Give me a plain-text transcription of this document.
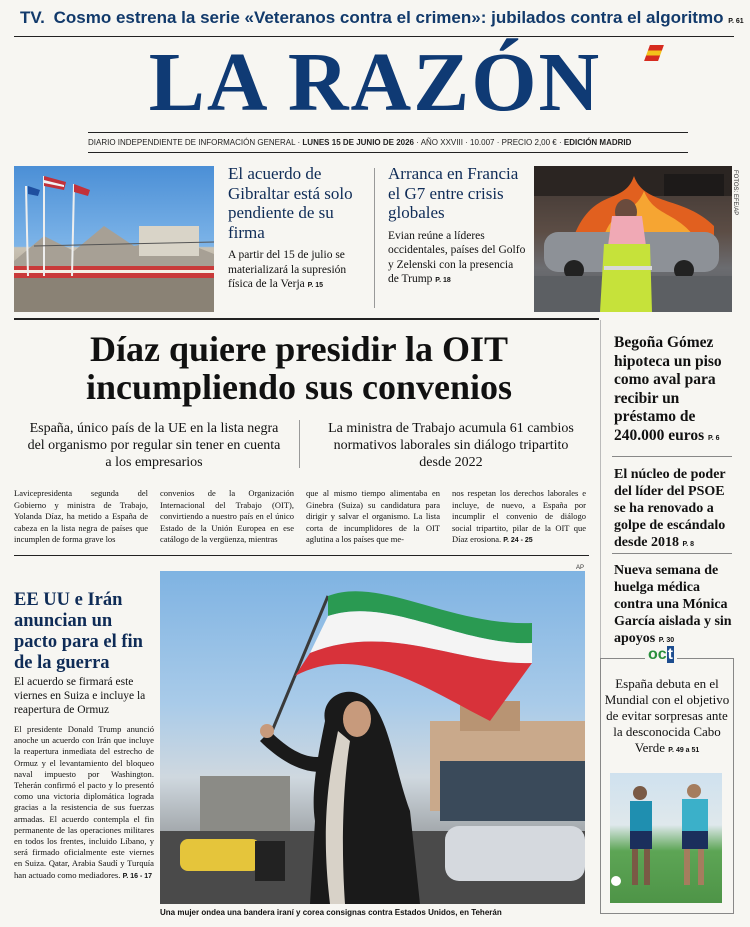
TV. Cosmo estrena la serie «Veteranos contra el crimen»: jubilados contra el algoritmo P. 61
LA RAZÓN
DIARIO INDEPENDIENTE DE INFORMACIÓN GENERAL · LUNES 15 DE JUNIO DE 2026 · AÑO XXVIII · 10.007 · PRECIO 2,00 € · EDICIÓN MADRID
El acuerdo de Gibraltar está solo pendiente de su firma
A partir del 15 de julio se materializará la supresión física de la Verja P. 15
Arranca en Francia el G7 entre crisis globales
Evian reúne a líderes occidentales, países del Golfo y Zelenski con la presencia de Trump P. 18
FOTOS: EFE/AP
Díaz quiere presidir la OIT
incumpliendo sus convenios
España, único país de la UE en la lista negra del organismo por regular sin tener en cuenta a los empresarios
La ministra de Trabajo acumula 61 cambios normativos laborales sin diálogo tripartito desde 2022
Lavicepresidenta segunda del Gobierno y ministra de Trabajo, Yolanda Díaz, ha metido a España de cabeza en la lista negra de países que incumplen de forma grave los
convenios de la Organización Internacional del Trabajo (OIT), convirtiendo a nuestro país en el único Estado de la Unión Europea en ese catálogo de la vergüenza, mientras
que al mismo tiempo alimentaba en Ginebra (Suiza) su candidatura para dirigir y salvar el organismo. La lista corta de incumplidores de la OIT aglutina a los países que me-
nos respetan los derechos laborales e incluye, de nuevo, a España por incumplir el convenio de diálogo social tripartito, pilar de la OIT que Díaz erosiona. P. 24 - 25
Begoña Gómez hipoteca un piso como aval para recibir un préstamo de 240.000 euros P. 6
El núcleo de poder del líder del PSOE se ha renovado a golpe de escándalo desde 2018 P. 8
Nueva semana de huelga médica contra una Mónica García aislada y sin apoyos P. 30
EE UU e Irán anuncian un pacto para el fin de la guerra
El acuerdo se firmará este viernes en Suiza e incluye la reapertura de Ormuz
El presidente Donald Trump anunció anoche un acuerdo con Irán que incluye la reapertura inmediata del estrecho de Ormuz y el levantamiento del bloqueo naval impuesto por Washington. Teherán confirmó el pacto y lo presentó como una victoria diplomática lograda gracias a la resistencia de sus fuerzas armadas. El acuerdo contempla el fin permanente de las operaciones militares en todos los frentes, incluido Líbano, y será firmado oficialmente este viernes en Suiza. Qatar, Arabia Saudí y Turquía han actuado como mediadores. P. 16 - 17
AP
Una mujer ondea una bandera iraní y corea consignas contra Estados Unidos, en Teherán
oct
España debuta en el Mundial con el objetivo de evitar sorpresas ante la desconocida Cabo Verde P. 49 a 51
